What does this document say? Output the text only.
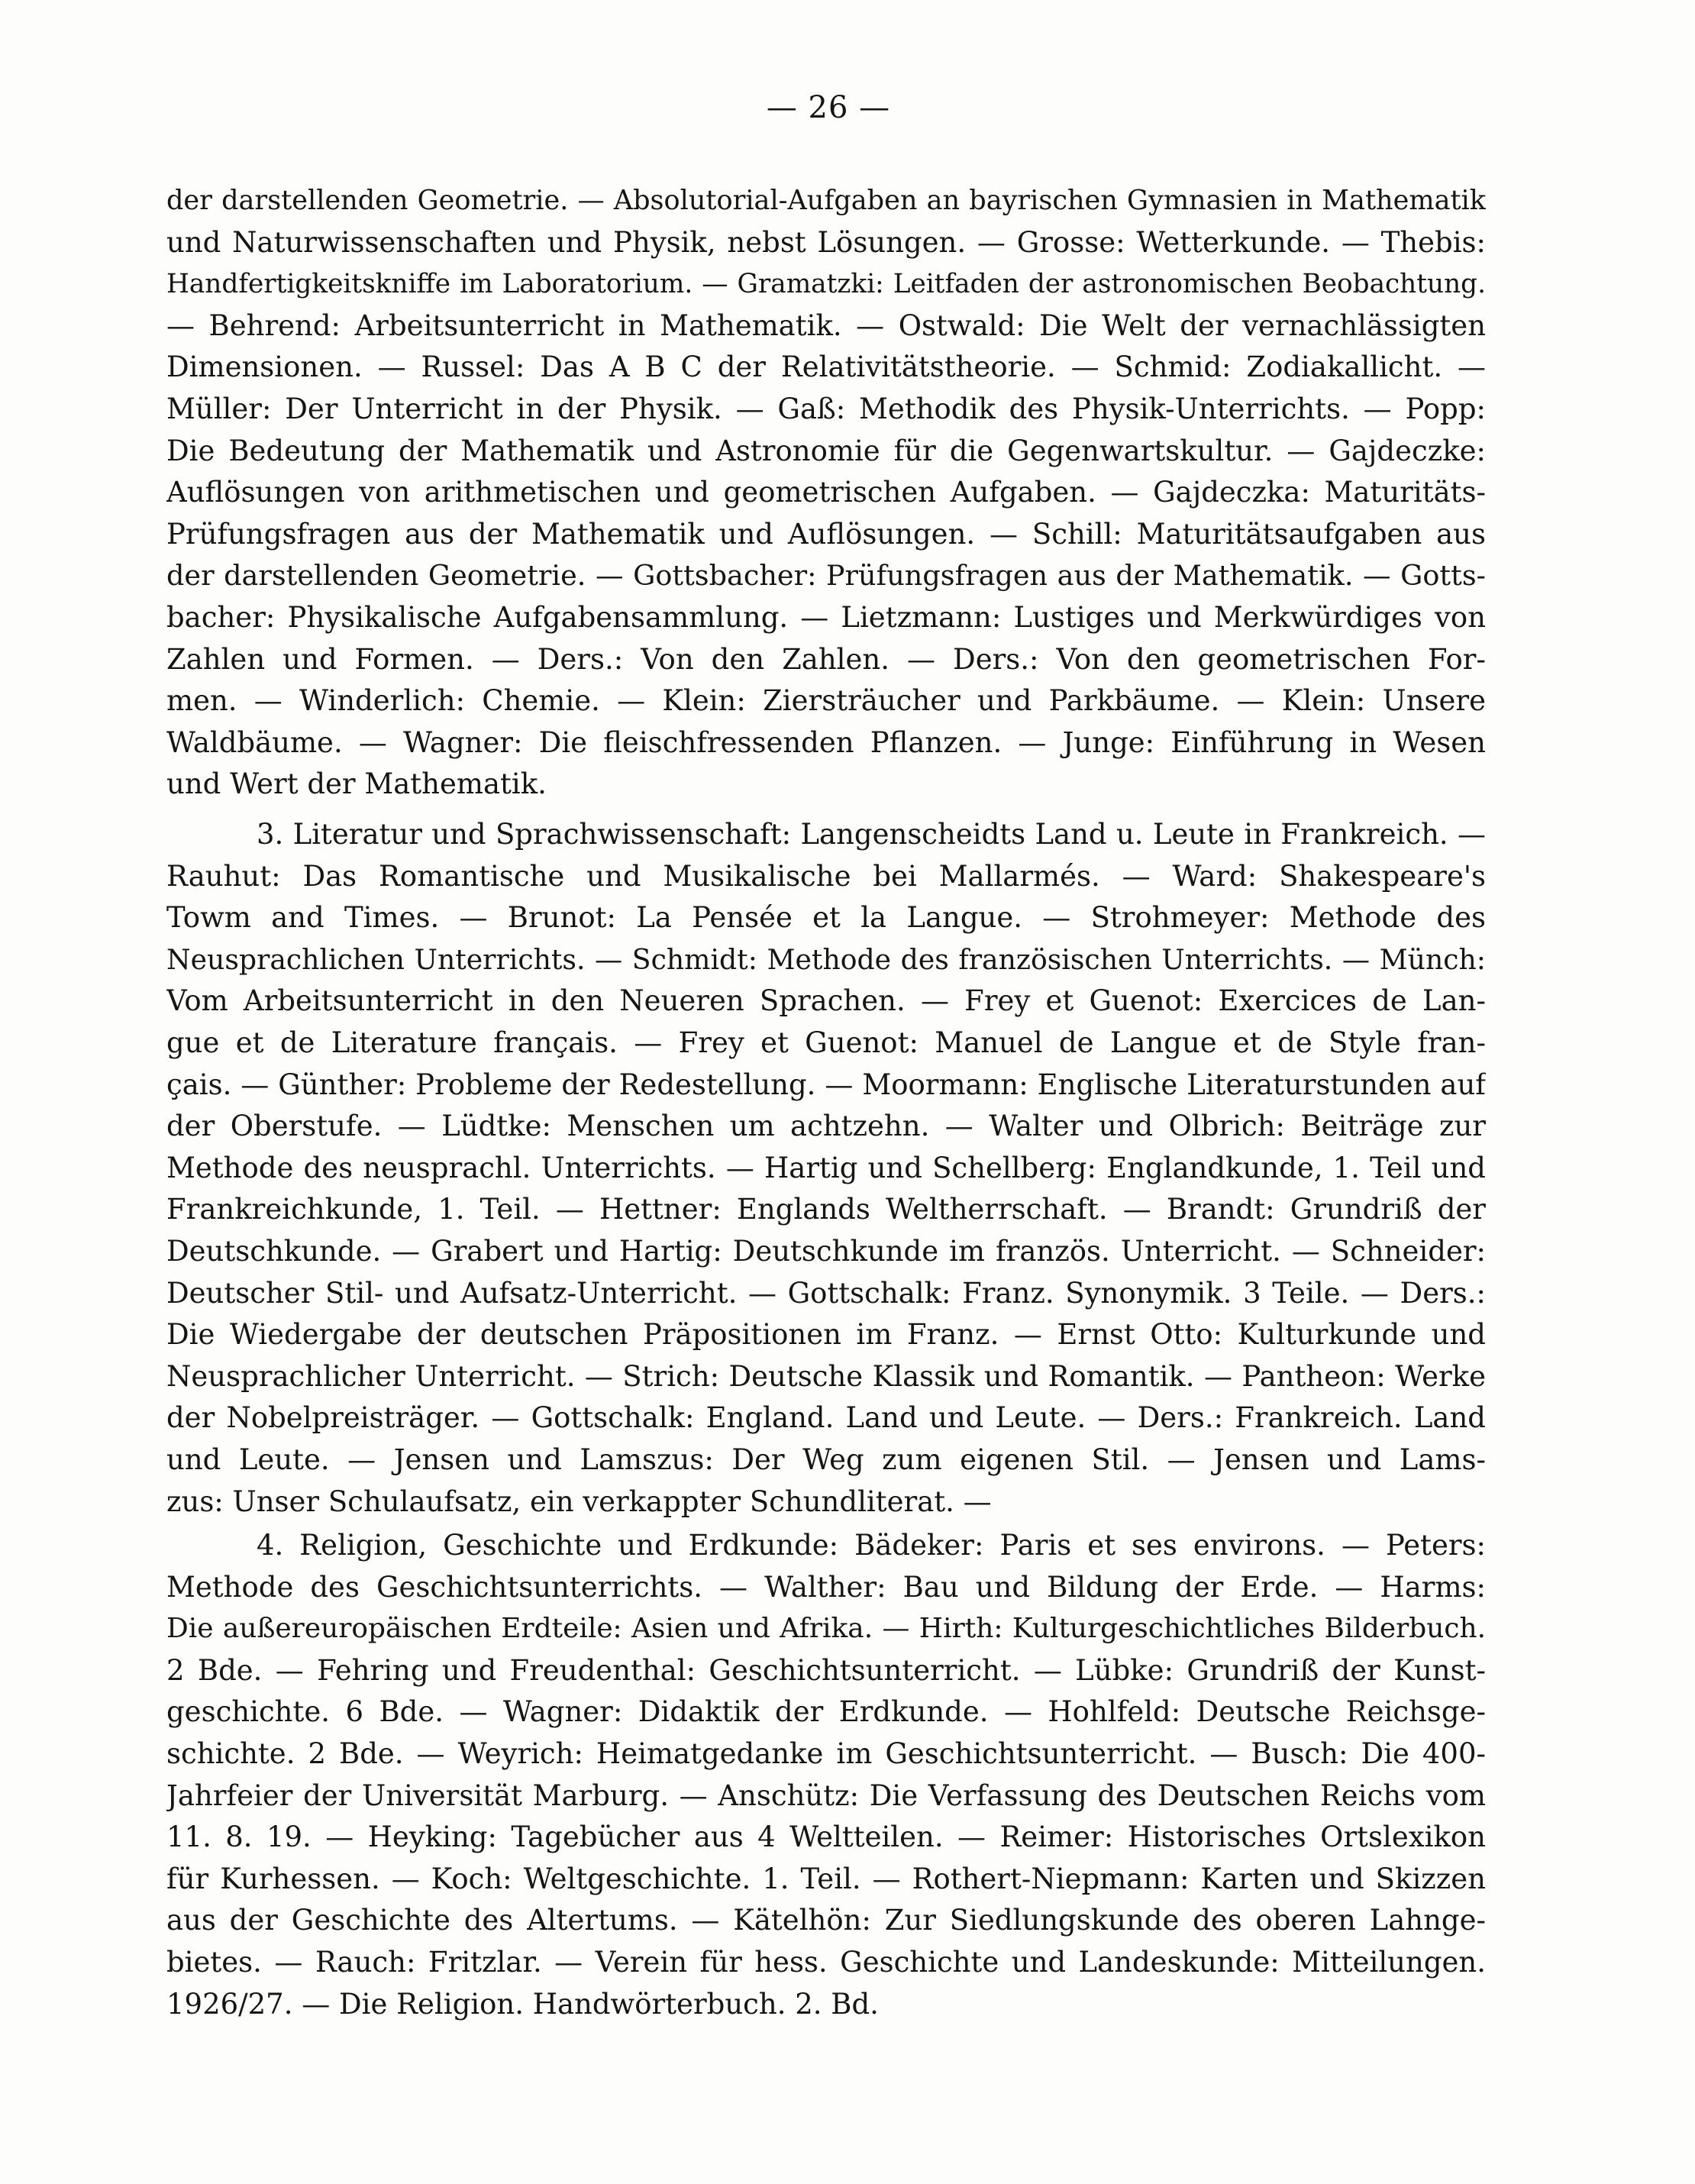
— 26 —
der darstellenden Geometrie. — Absolutorial-Aufgaben an bayrischen Gymnasien in Mathematik
und Naturwissenschaften und Physik, nebst Lösungen. — Grosse: Wetterkunde. — Thebis:
Handfertigkeitskniffe im Laboratorium. — Gramatzki: Leitfaden der astronomischen Beobachtung.
— Behrend: Arbeitsunterricht in Mathematik. — Ostwald: Die Welt der vernachlässigten
Dimensionen. — Russel: Das A B C der Relativitätstheorie. — Schmid: Zodiakallicht. —
Müller: Der Unterricht in der Physik. — Gaß: Methodik des Physik-Unterrichts. — Popp:
Die Bedeutung der Mathematik und Astronomie für die Gegenwartskultur. — Gajdeczke:
Auflösungen von arithmetischen und geometrischen Aufgaben. — Gajdeczka: Maturitäts-
Prüfungsfragen aus der Mathematik und Auflösungen. — Schill: Maturitätsaufgaben aus
der darstellenden Geometrie. — Gottsbacher: Prüfungsfragen aus der Mathematik. — Gotts-
bacher: Physikalische Aufgabensammlung. — Lietzmann: Lustiges und Merkwürdiges von
Zahlen und Formen. — Ders.: Von den Zahlen. — Ders.: Von den geometrischen For-
men. — Winderlich: Chemie. — Klein: Ziersträucher und Parkbäume. — Klein: Unsere
Waldbäume. — Wagner: Die fleischfressenden Pflanzen. — Junge: Einführung in Wesen
und Wert der Mathematik.
3. Literatur und Sprachwissenschaft: Langenscheidts Land u. Leute in Frankreich. —
Rauhut: Das Romantische und Musikalische bei Mallarmés. — Ward: Shakespeare's
Towm and Times. — Brunot: La Pensée et la Langue. — Strohmeyer: Methode des
Neusprachlichen Unterrichts. — Schmidt: Methode des französischen Unterrichts. — Münch:
Vom Arbeitsunterricht in den Neueren Sprachen. — Frey et Guenot: Exercices de Lan-
gue et de Literature français. — Frey et Guenot: Manuel de Langue et de Style fran-
çais. — Günther: Probleme der Redestellung. — Moormann: Englische Literaturstunden auf
der Oberstufe. — Lüdtke: Menschen um achtzehn. — Walter und Olbrich: Beiträge zur
Methode des neusprachl. Unterrichts. — Hartig und Schellberg: Englandkunde, 1. Teil und
Frankreichkunde, 1. Teil. — Hettner: Englands Weltherrschaft. — Brandt: Grundriß der
Deutschkunde. — Grabert und Hartig: Deutschkunde im französ. Unterricht. — Schneider:
Deutscher Stil- und Aufsatz-Unterricht. — Gottschalk: Franz. Synonymik. 3 Teile. — Ders.:
Die Wiedergabe der deutschen Präpositionen im Franz. — Ernst Otto: Kulturkunde und
Neusprachlicher Unterricht. — Strich: Deutsche Klassik und Romantik. — Pantheon: Werke
der Nobelpreisträger. — Gottschalk: England. Land und Leute. — Ders.: Frankreich. Land
und Leute. — Jensen und Lamszus: Der Weg zum eigenen Stil. — Jensen und Lams-
zus: Unser Schulaufsatz, ein verkappter Schundliterat. —
4. Religion, Geschichte und Erdkunde: Bädeker: Paris et ses environs. — Peters:
Methode des Geschichtsunterrichts. — Walther: Bau und Bildung der Erde. — Harms:
Die außereuropäischen Erdteile: Asien und Afrika. — Hirth: Kulturgeschichtliches Bilderbuch.
2 Bde. — Fehring und Freudenthal: Geschichtsunterricht. — Lübke: Grundriß der Kunst-
geschichte. 6 Bde. — Wagner: Didaktik der Erdkunde. — Hohlfeld: Deutsche Reichsge-
schichte. 2 Bde. — Weyrich: Heimatgedanke im Geschichtsunterricht. — Busch: Die 400-
Jahrfeier der Universität Marburg. — Anschütz: Die Verfassung des Deutschen Reichs vom
11. 8. 19. — Heyking: Tagebücher aus 4 Weltteilen. — Reimer: Historisches Ortslexikon
für Kurhessen. — Koch: Weltgeschichte. 1. Teil. — Rothert-Niepmann: Karten und Skizzen
aus der Geschichte des Altertums. — Kätelhön: Zur Siedlungskunde des oberen Lahnge-
bietes. — Rauch: Fritzlar. — Verein für hess. Geschichte und Landeskunde: Mitteilungen.
1926/27. — Die Religion. Handwörterbuch. 2. Bd.
